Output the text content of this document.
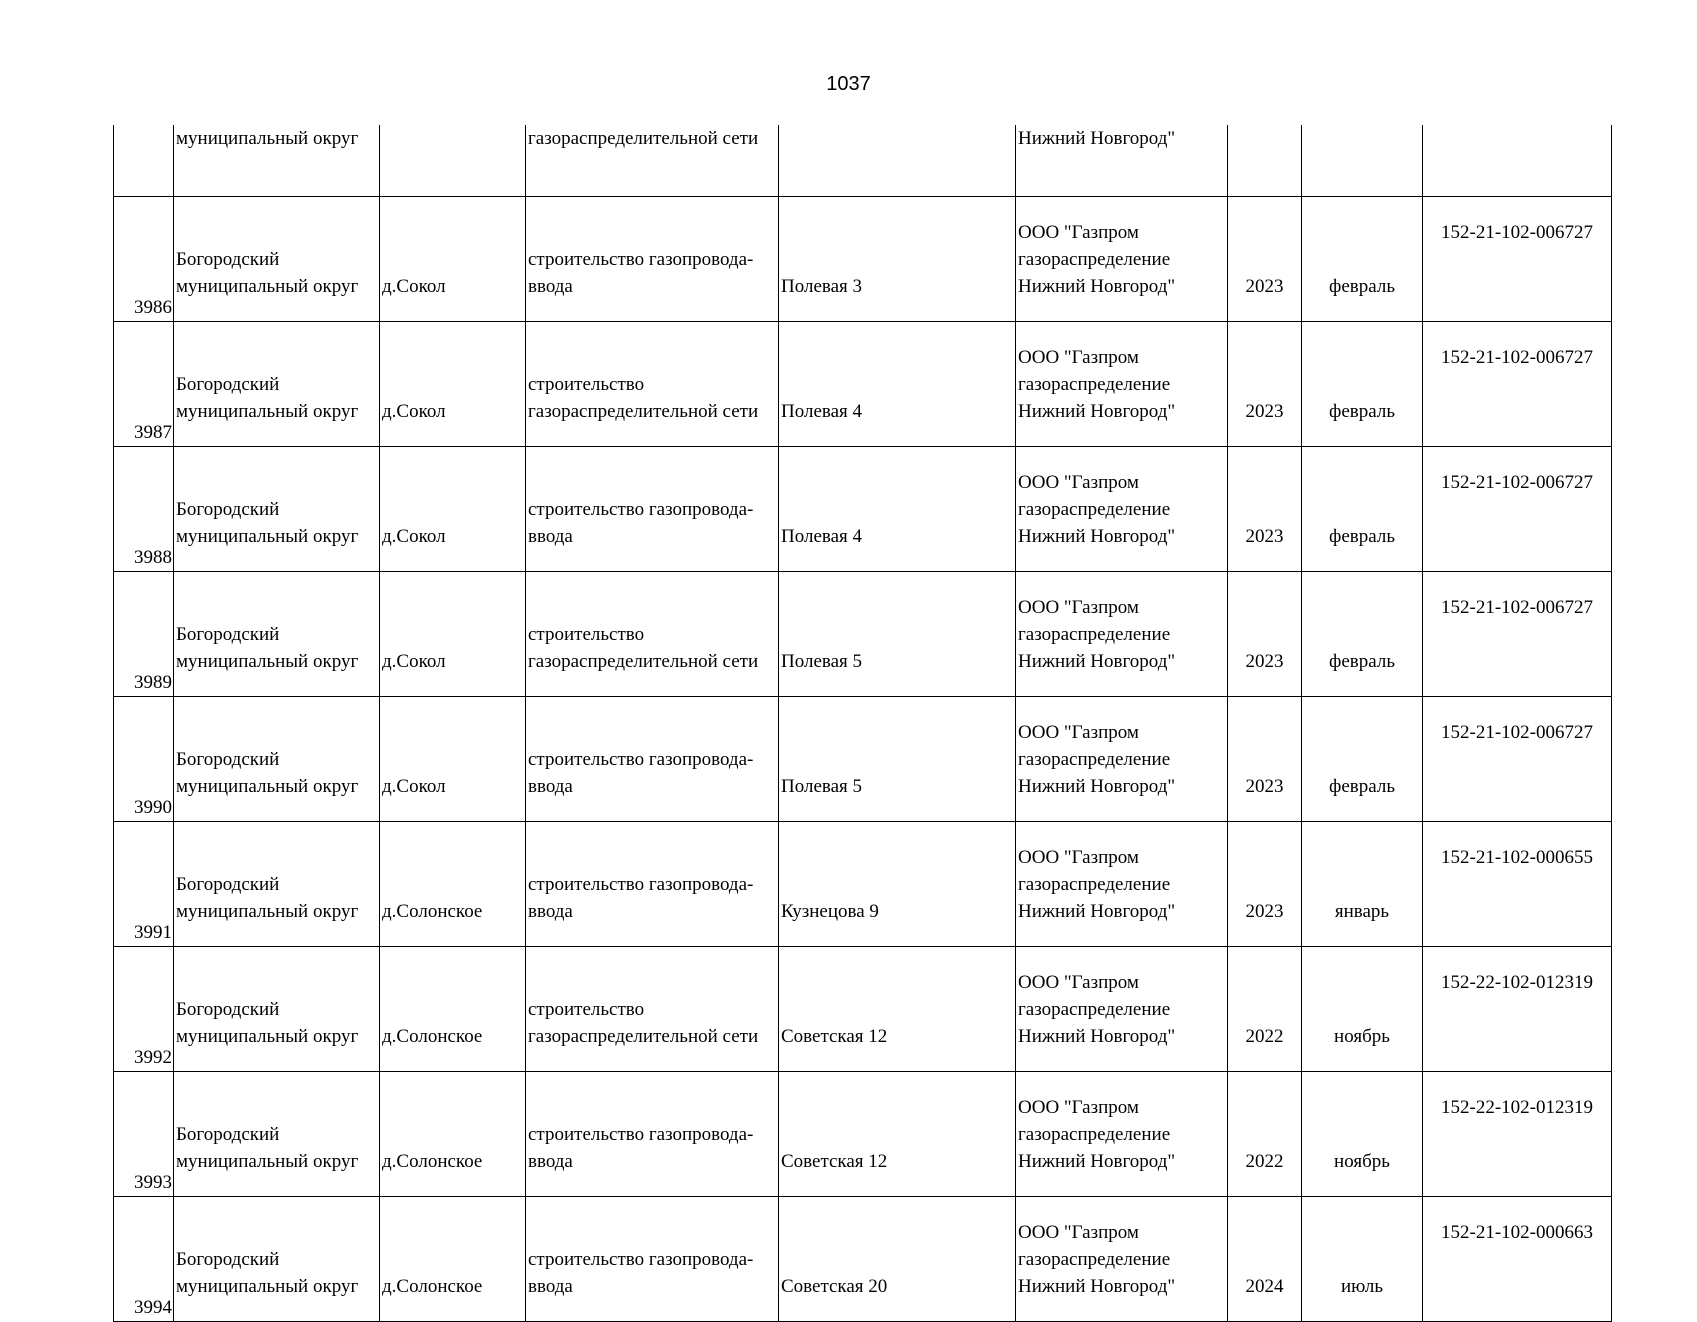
1037
	муниципальный округ		газораспределительной сети		Нижний Новгород"			
3986	Богородский
муниципальный округ	д.Сокол	строительство газопровода-
ввода	Полевая 3	ООО "Газпром
газораспределение
Нижний Новгород"	2023	февраль	152-21-102-006727
3987	Богородский
муниципальный округ	д.Сокол	строительство
газораспределительной сети	Полевая 4	ООО "Газпром
газораспределение
Нижний Новгород"	2023	февраль	152-21-102-006727
3988	Богородский
муниципальный округ	д.Сокол	строительство газопровода-
ввода	Полевая 4	ООО "Газпром
газораспределение
Нижний Новгород"	2023	февраль	152-21-102-006727
3989	Богородский
муниципальный округ	д.Сокол	строительство
газораспределительной сети	Полевая 5	ООО "Газпром
газораспределение
Нижний Новгород"	2023	февраль	152-21-102-006727
3990	Богородский
муниципальный округ	д.Сокол	строительство газопровода-
ввода	Полевая 5	ООО "Газпром
газораспределение
Нижний Новгород"	2023	февраль	152-21-102-006727
3991	Богородский
муниципальный округ	д.Солонское	строительство газопровода-
ввода	Кузнецова 9	ООО "Газпром
газораспределение
Нижний Новгород"	2023	январь	152-21-102-000655
3992	Богородский
муниципальный округ	д.Солонское	строительство
газораспределительной сети	Советская 12	ООО "Газпром
газораспределение
Нижний Новгород"	2022	ноябрь	152-22-102-012319
3993	Богородский
муниципальный округ	д.Солонское	строительство газопровода-
ввода	Советская 12	ООО "Газпром
газораспределение
Нижний Новгород"	2022	ноябрь	152-22-102-012319
3994	Богородский
муниципальный округ	д.Солонское	строительство газопровода-
ввода	Советская 20	ООО "Газпром
газораспределение
Нижний Новгород"	2024	июль	152-21-102-000663
